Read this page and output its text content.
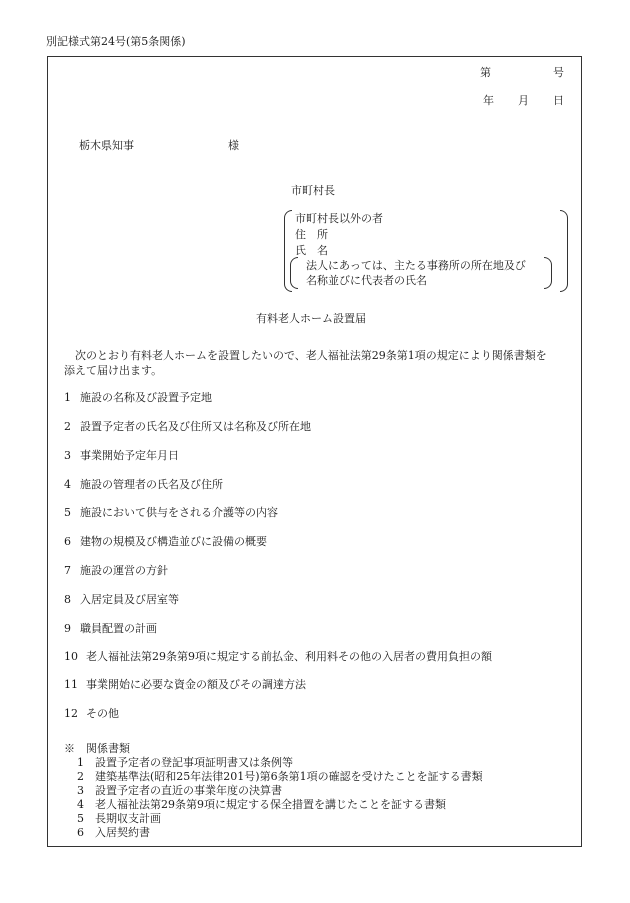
別記様式第24号(第5条関係)
第	号
年 月 日
栃木県知事	様
市町村長
市町村長以外の者
住　所
氏　名
法人にあっては、主たる事務所の所在地及び
名称並びに代表者の氏名
有料老人ホーム設置届
　次のとおり有料老人ホームを設置したいので、老人福祉法第29条第1項の規定により関係書類を
添えて届け出ます。
1 施設の名称及び設置予定地
2 設置予定者の氏名及び住所又は名称及び所在地
3 事業開始予定年月日
4 施設の管理者の氏名及び住所
5 施設において供与をされる介護等の内容
6 建物の規模及び構造並びに設備の概要
7 施設の運営の方針
8 入居定員及び居室等
9 職員配置の計画
10 老人福祉法第29条第9項に規定する前払金、利用料その他の入居者の費用負担の額
11 事業開始に必要な資金の額及びその調達方法
12 その他
※　関係書類
1 設置予定者の登記事項証明書又は条例等
2 建築基準法(昭和25年法律201号)第6条第1項の確認を受けたことを証する書類
3 設置予定者の直近の事業年度の決算書
4 老人福祉法第29条第9項に規定する保全措置を講じたことを証する書類
5 長期収支計画
6 入居契約書
